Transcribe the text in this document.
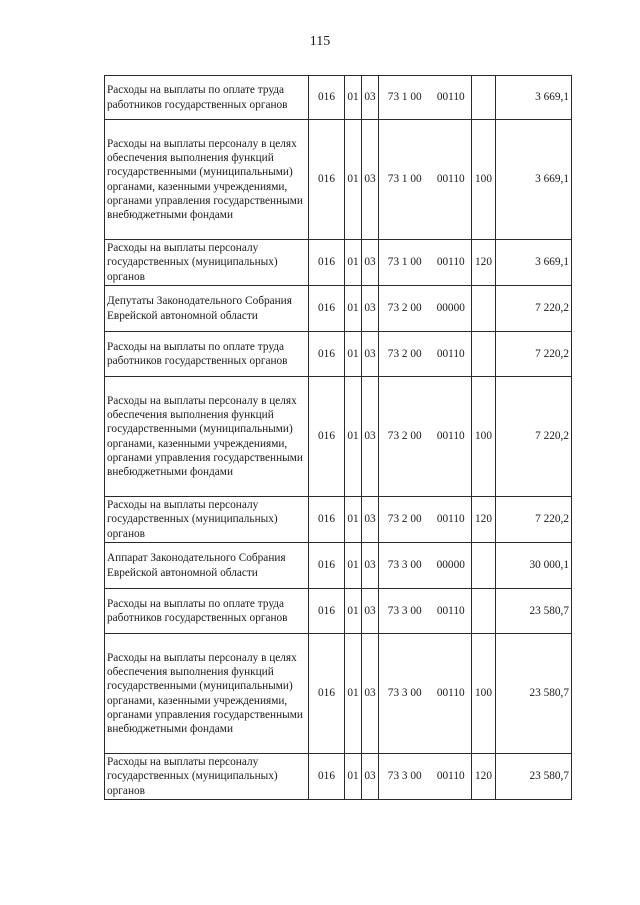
115
Расходы на выплаты по оплате труда работников государственных органов	016	01	03	73 1 00	00110		3 669,1
Расходы на выплаты персоналу в целях обеспечения выполнения функций государственными (муниципальными) органами, казенными учреждениями, органами управления государственными внебюджетными фондами	016	01	03	73 1 00	00110	100	3 669,1
Расходы на выплаты персоналу государственных (муниципальных) органов	016	01	03	73 1 00	00110	120	3 669,1
Депутаты Законодательного Собрания Еврейской автономной области	016	01	03	73 2 00	00000		7 220,2
Расходы на выплаты по оплате труда работников государственных органов	016	01	03	73 2 00	00110		7 220,2
Расходы на выплаты персоналу в целях обеспечения выполнения функций государственными (муниципальными) органами, казенными учреждениями, органами управления государственными внебюджетными фондами	016	01	03	73 2 00	00110	100	7 220,2
Расходы на выплаты персоналу государственных (муниципальных) органов	016	01	03	73 2 00	00110	120	7 220,2
Аппарат Законодательного Собрания Еврейской автономной области	016	01	03	73 3 00	00000		30 000,1
Расходы на выплаты по оплате труда работников государственных органов	016	01	03	73 3 00	00110		23 580,7
Расходы на выплаты персоналу в целях обеспечения выполнения функций государственными (муниципальными) органами, казенными учреждениями, органами управления государственными внебюджетными фондами	016	01	03	73 3 00	00110	100	23 580,7
Расходы на выплаты персоналу государственных (муниципальных) органов	016	01	03	73 3 00	00110	120	23 580,7
